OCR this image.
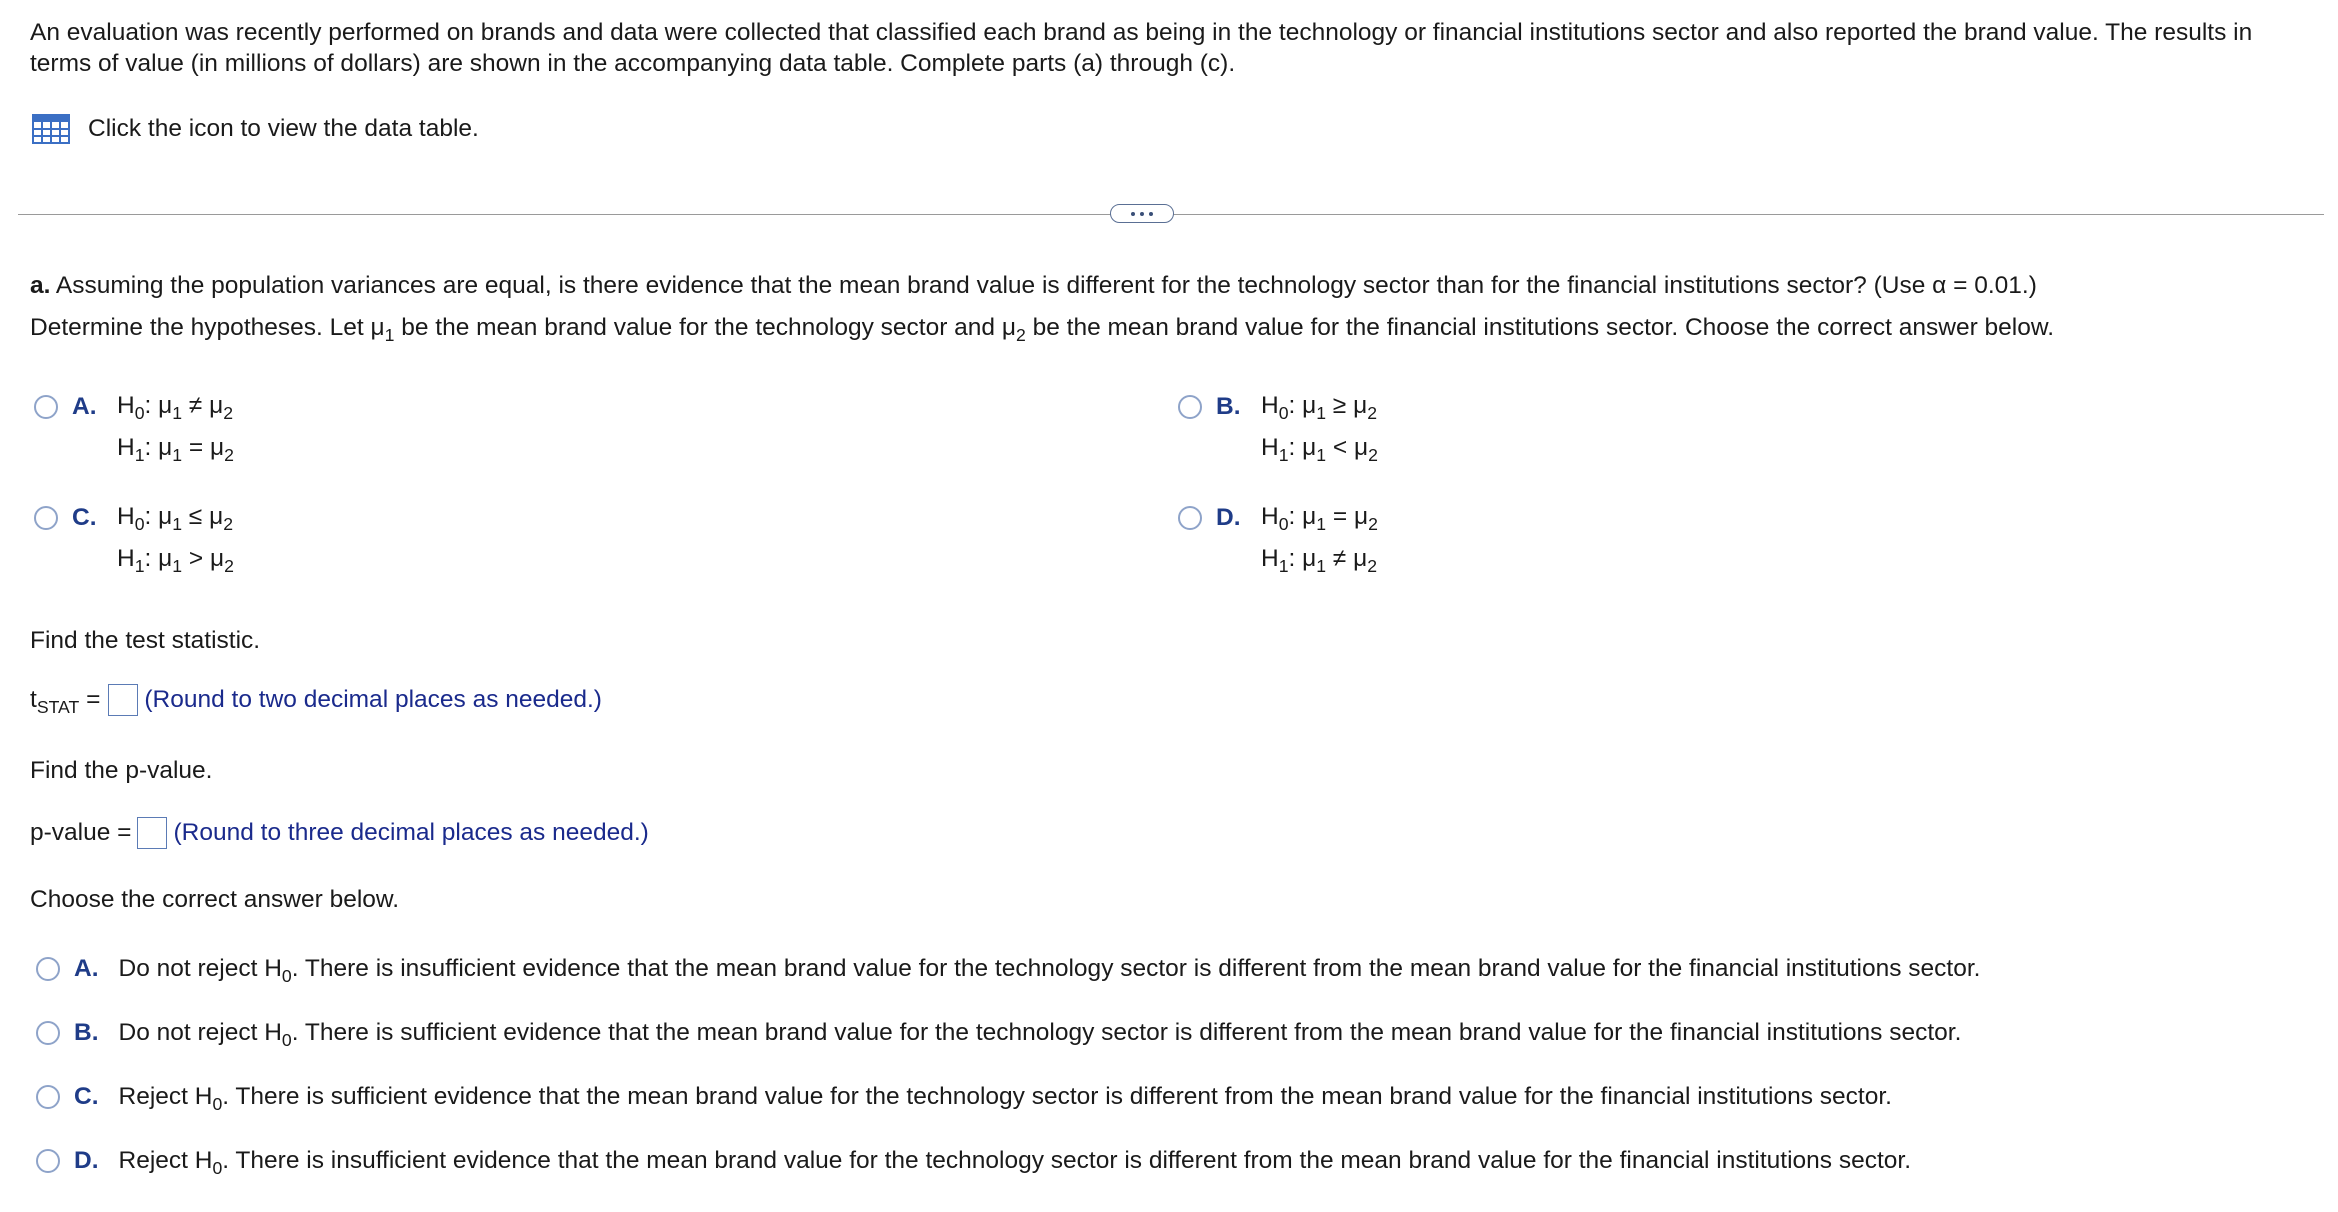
An evaluation was recently performed on brands and data were collected that classified each brand as being in the technology or financial institutions sector and also reported the brand value. The results in terms of value (in millions of dollars) are shown in the accompanying data table. Complete parts (a) through (c).
Click the icon to view the data table.
a. Assuming the population variances are equal, is there evidence that the mean brand value is different for the technology sector than for the financial institutions sector? (Use α = 0.01.)
Determine the hypotheses. Let $\mu_1$ be the mean brand value for the technology sector and $\mu_2$ be the mean brand value for the financial institutions sector. Choose the correct answer below.
A. $H_0$: $\mu_1 \ne \mu_2$
$H_1$: $\mu_1 = \mu_2$
B. $H_0$: $\mu_1 \ge \mu_2$
$H_1$: $\mu_1 < \mu_2$
C. $H_0$: $\mu_1 \le \mu_2$
$H_1$: $\mu_1 > \mu_2$
D. $H_0$: $\mu_1 = \mu_2$
$H_1$: $\mu_1 \ne \mu_2$
Find the test statistic.
$t_{STAT}$ = (Round to two decimal places as needed.)
Find the p-value.
p-value = (Round to three decimal places as needed.)
Choose the correct answer below.
A. Do not reject $H_0$. There is insufficient evidence that the mean brand value for the technology sector is different from the mean brand value for the financial institutions sector.
B. Do not reject $H_0$. There is sufficient evidence that the mean brand value for the technology sector is different from the mean brand value for the financial institutions sector.
C. Reject $H_0$. There is sufficient evidence that the mean brand value for the technology sector is different from the mean brand value for the financial institutions sector.
D. Reject $H_0$. There is insufficient evidence that the mean brand value for the technology sector is different from the mean brand value for the financial institutions sector.
